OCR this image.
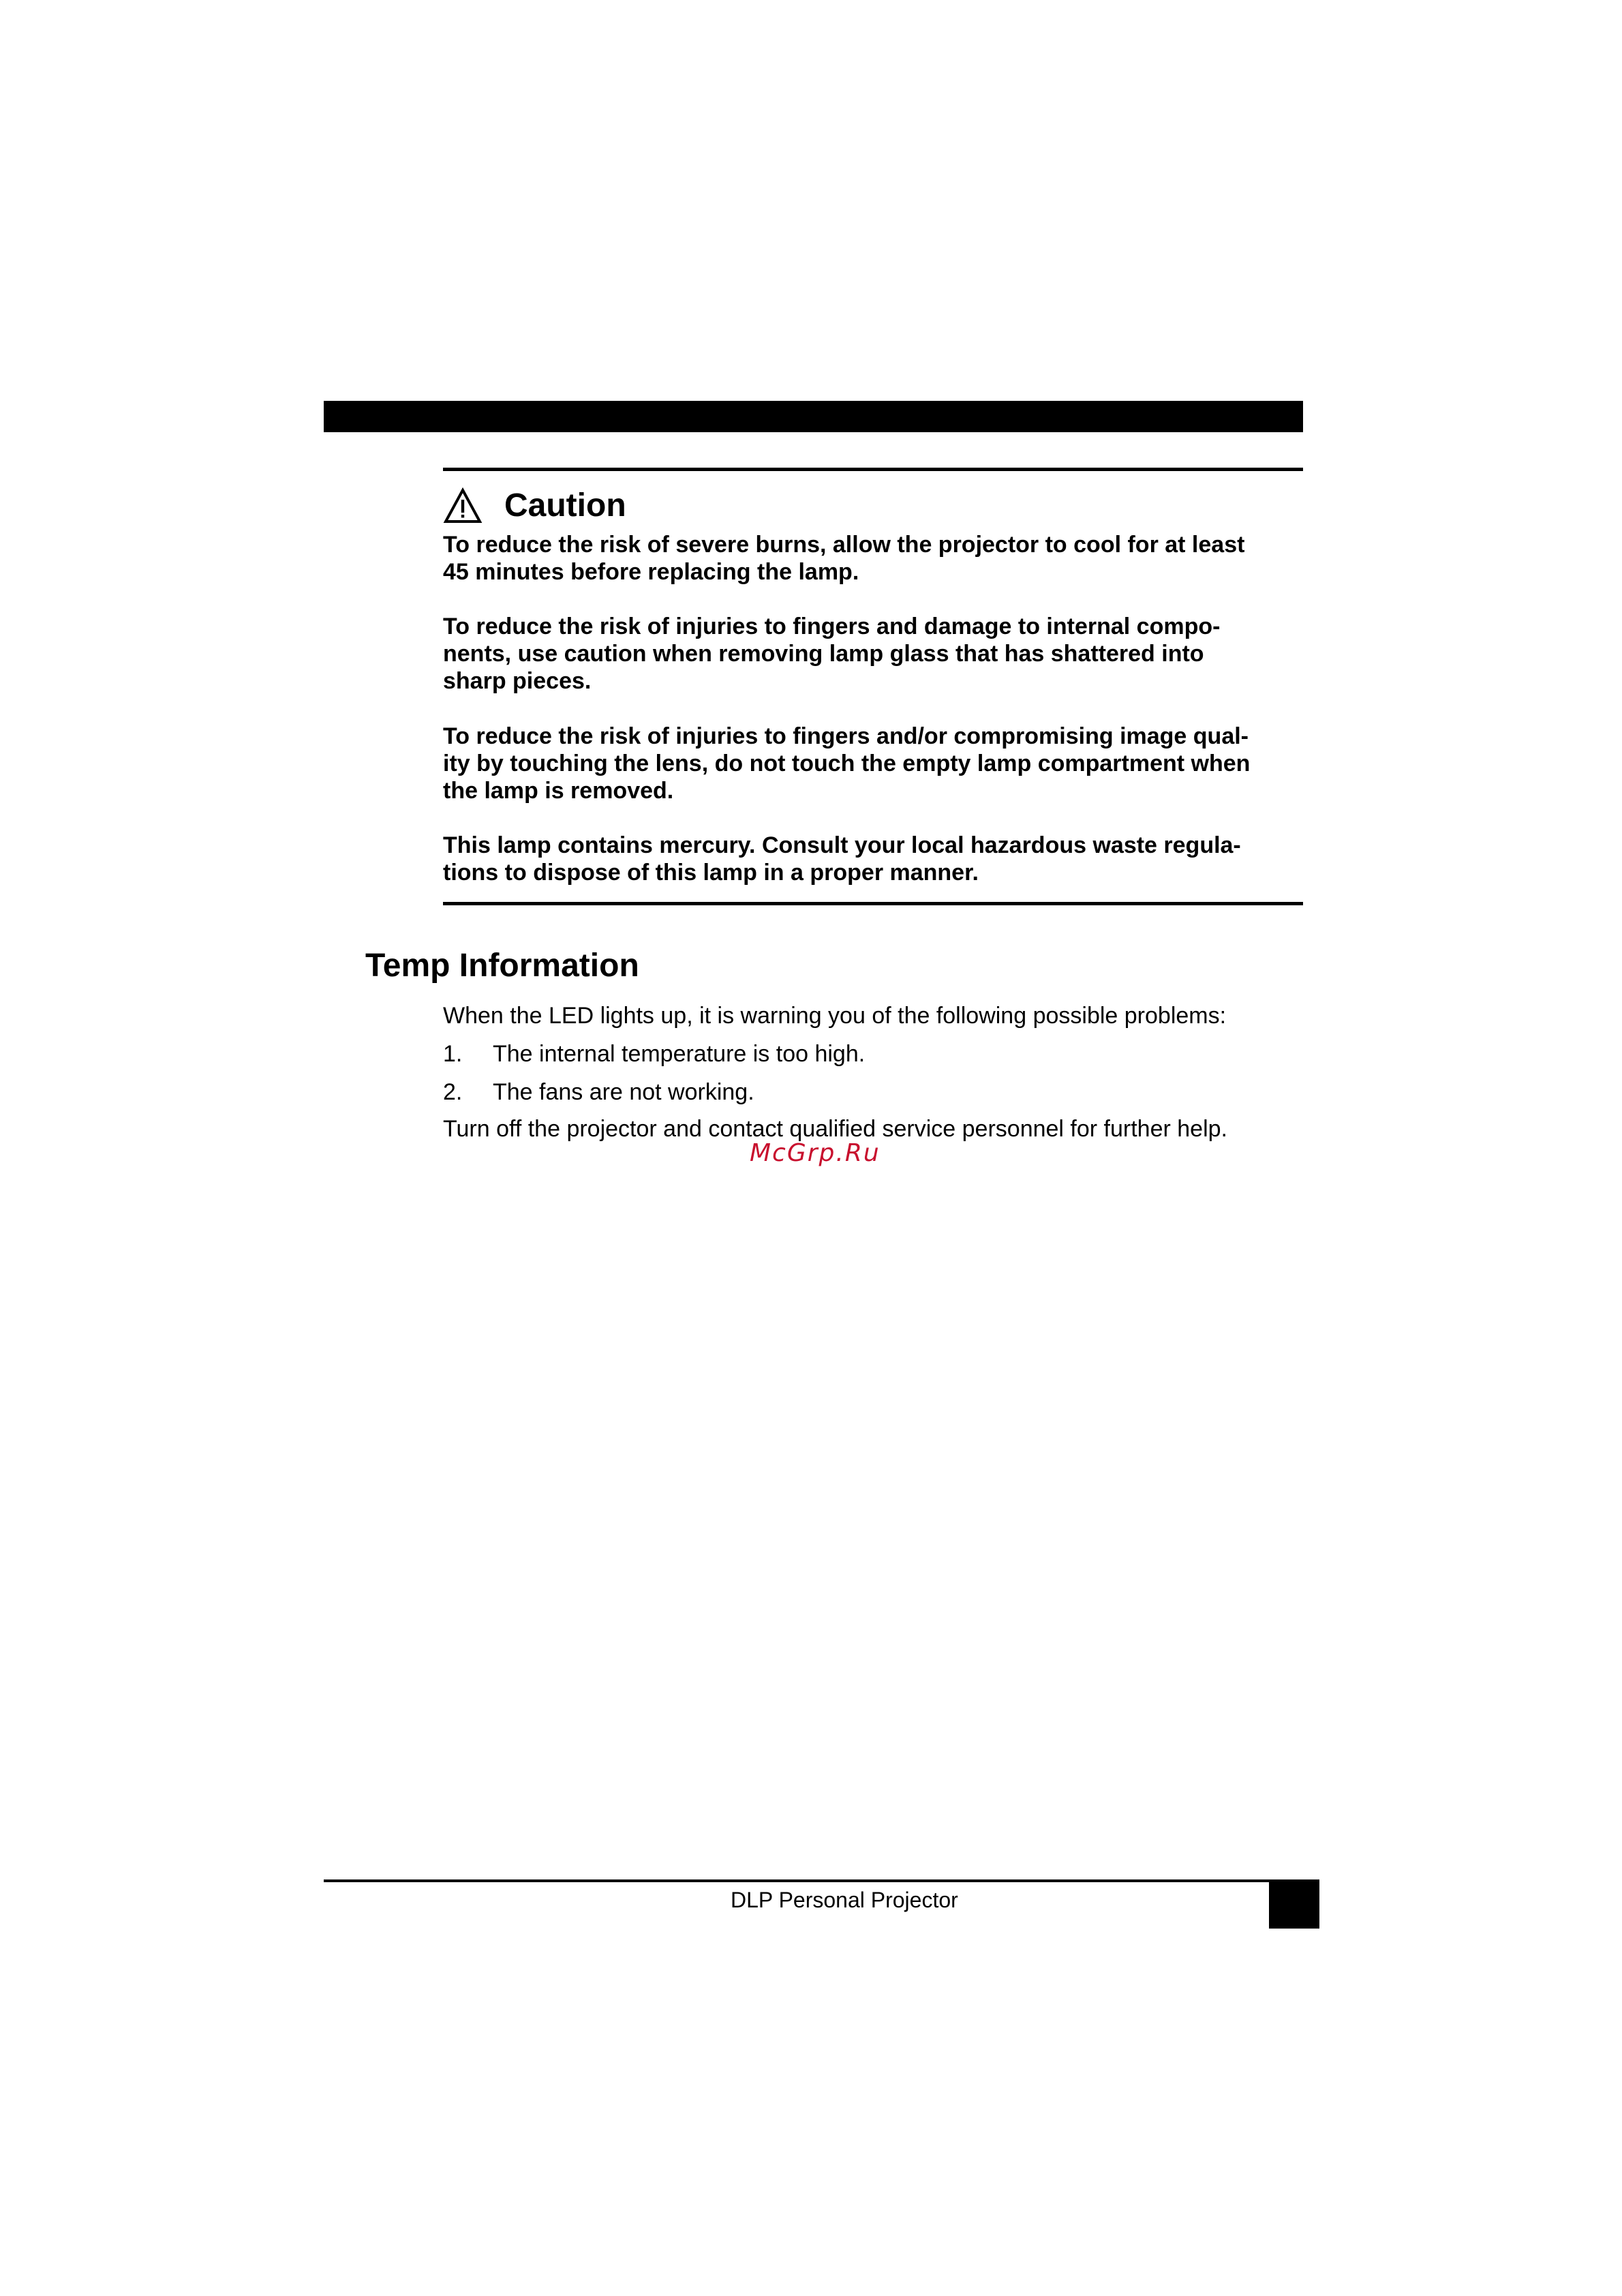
Caution

To reduce the risk of severe burns, allow the projector to cool for at least
45 minutes before replacing the lamp.

To reduce the risk of injuries to fingers and damage to internal compo-
nents, use caution when removing lamp glass that has shattered into
sharp pieces.

To reduce the risk of injuries to fingers and/or compromising image qual-
ity by touching the lens, do not touch the empty lamp compartment when
the lamp is removed.

This lamp contains mercury. Consult your local hazardous waste regula-
tions to dispose of this lamp in a proper manner.

Temp Information

When the LED lights up, it is warning you of the following possible problems:

1. The internal temperature is too high.
2. The fans are not working.

Turn off the projector and contact qualified service personnel for further help.

McGrp.Ru
DLP Personal Projector
